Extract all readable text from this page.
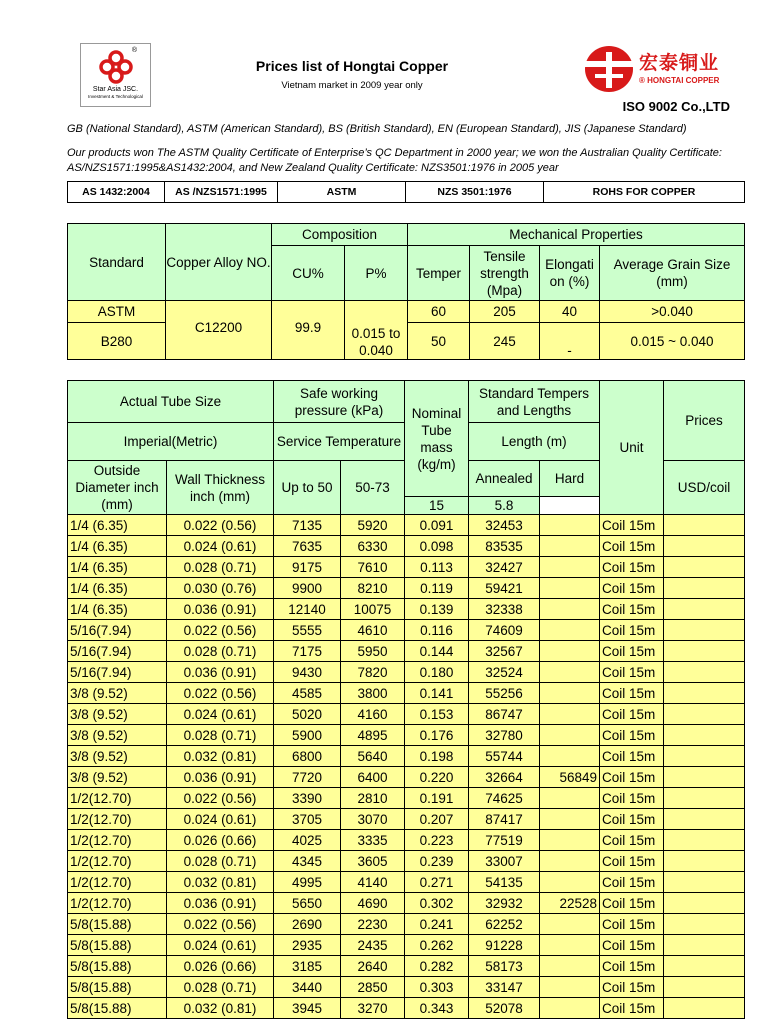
®
Star Asia JSC.
Investment & Technological
Prices list of Hongtai Copper
Vietnam market in 2009 year only
宏泰铜业
® HONGTAI COPPER
ISO 9002 Co.,LTD
GB (National Standard), ASTM (American Standard), BS (British Standard), EN (European Standard), JIS (Japanese Standard)
Our products won The ASTM Quality Certificate of Enterprise’s QC Department in 2000 year; we won the Australian Quality Certificate: AS/NZS1571:1995&AS1432:2004, and New Zealand Quality Certificate: NZS3501:1976 in 2005 year
AS 1432:2004	AS /NZS1571:1995	ASTM	NZS 3501:1976	ROHS FOR COPPER
Standard	Copper Alloy NO.	Composition		Mechanical Properties			
		CU%	P%	Temper	Tensile strength (Mpa)	Elongati on (%)	Average Grain Size (mm)
ASTM	C12200	99.9	0.015 to 0.040	60	205	40	>0.040
B280				50	245	-	0.015 ~ 0.040
Actual Tube Size		Safe working pressure (kPa)		Nominal Tube mass (kg/m)	Standard Tempers and Lengths		Unit	Prices
Imperial(Metric)		Service Temperature			Length (m)			
Outside Diameter inch (mm)	Wall Thickness inch (mm)	Up to 50	50-73		Annealed	Hard		USD/coil
				15	5.8			
1/4 (6.35)	0.022 (0.56)	7135	5920	0.091	32453		Coil 15m	
1/4 (6.35)	0.024 (0.61)	7635	6330	0.098	83535		Coil 15m	
1/4 (6.35)	0.028 (0.71)	9175	7610	0.113	32427		Coil 15m	
1/4 (6.35)	0.030 (0.76)	9900	8210	0.119	59421		Coil 15m	
1/4 (6.35)	0.036 (0.91)	12140	10075	0.139	32338		Coil 15m	
5/16(7.94)	0.022 (0.56)	5555	4610	0.116	74609		Coil 15m	
5/16(7.94)	0.028 (0.71)	7175	5950	0.144	32567		Coil 15m	
5/16(7.94)	0.036 (0.91)	9430	7820	0.180	32524		Coil 15m	
3/8 (9.52)	0.022 (0.56)	4585	3800	0.141	55256		Coil 15m	
3/8 (9.52)	0.024 (0.61)	5020	4160	0.153	86747		Coil 15m	
3/8 (9.52)	0.028 (0.71)	5900	4895	0.176	32780		Coil 15m	
3/8 (9.52)	0.032 (0.81)	6800	5640	0.198	55744		Coil 15m	
3/8 (9.52)	0.036 (0.91)	7720	6400	0.220	32664	56849	Coil 15m	
1/2(12.70)	0.022 (0.56)	3390	2810	0.191	74625		Coil 15m	
1/2(12.70)	0.024 (0.61)	3705	3070	0.207	87417		Coil 15m	
1/2(12.70)	0.026 (0.66)	4025	3335	0.223	77519		Coil 15m	
1/2(12.70)	0.028 (0.71)	4345	3605	0.239	33007		Coil 15m	
1/2(12.70)	0.032 (0.81)	4995	4140	0.271	54135		Coil 15m	
1/2(12.70)	0.036 (0.91)	5650	4690	0.302	32932	22528	Coil 15m	
5/8(15.88)	0.022 (0.56)	2690	2230	0.241	62252		Coil 15m	
5/8(15.88)	0.024 (0.61)	2935	2435	0.262	91228		Coil 15m	
5/8(15.88)	0.026 (0.66)	3185	2640	0.282	58173		Coil 15m	
5/8(15.88)	0.028 (0.71)	3440	2850	0.303	33147		Coil 15m	
5/8(15.88)	0.032 (0.81)	3945	3270	0.343	52078		Coil 15m	
